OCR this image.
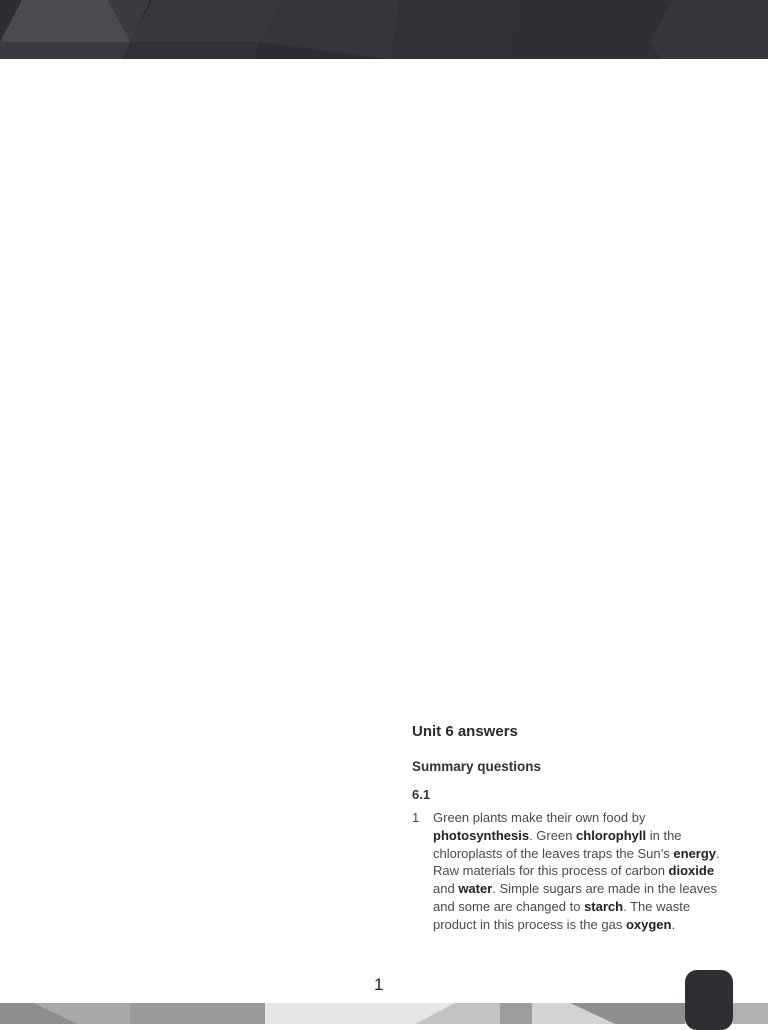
Unit 6 answers
Summary questions
6.1
1	Green plants make their own food by photosynthesis. Green chlorophyll in the chloroplasts of the leaves traps the Sun’s energy. Raw materials for this process of carbon dioxide and water. Simple sugars are made in the leaves and some are changed to starch. The waste product in this process is the gas oxygen.
1
